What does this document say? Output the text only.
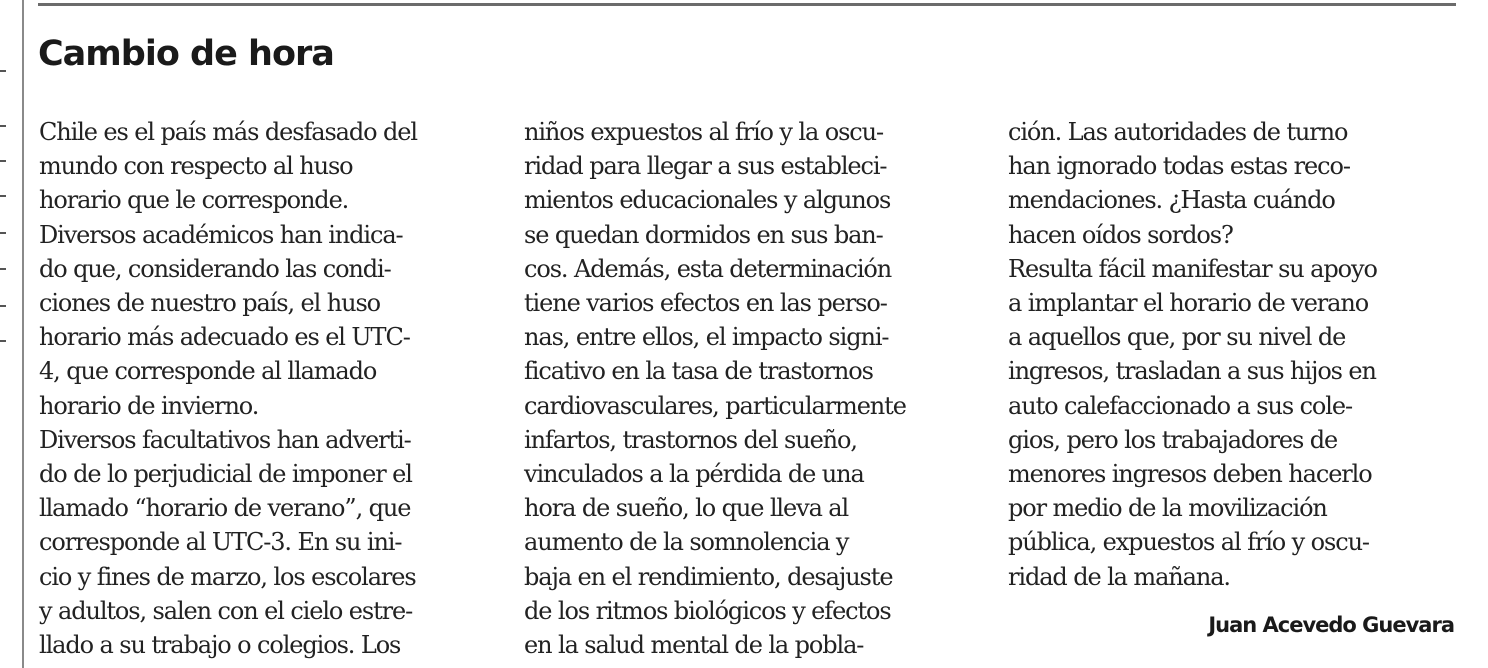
Cambio de hora
Chile es el país más desfasado del
mundo con respecto al huso
horario que le corresponde.
Diversos académicos han indica-
do que, considerando las condi-
ciones de nuestro país, el huso
horario más adecuado es el UTC-
4, que corresponde al llamado
horario de invierno.
Diversos facultativos han adverti-
do de lo perjudicial de imponer el
llamado “horario de verano”, que
corresponde al UTC-3. En su ini-
cio y fines de marzo, los escolares
y adultos, salen con el cielo estre-
llado a su trabajo o colegios. Los
niños expuestos al frío y la oscu-
ridad para llegar a sus estableci-
mientos educacionales y algunos
se quedan dormidos en sus ban-
cos. Además, esta determinación
tiene varios efectos en las perso-
nas, entre ellos, el impacto signi-
ficativo en la tasa de trastornos
cardiovasculares, particularmente
infartos, trastornos del sueño,
vinculados a la pérdida de una
hora de sueño, lo que lleva al
aumento de la somnolencia y
baja en el rendimiento, desajuste
de los ritmos biológicos y efectos
en la salud mental de la pobla-
ción. Las autoridades de turno
han ignorado todas estas reco-
mendaciones. ¿Hasta cuándo
hacen oídos sordos?
Resulta fácil manifestar su apoyo
a implantar el horario de verano
a aquellos que, por su nivel de
ingresos, trasladan a sus hijos en
auto calefaccionado a sus cole-
gios, pero los trabajadores de
menores ingresos deben hacerlo
por medio de la movilización
pública, expuestos al frío y oscu-
ridad de la mañana.
Juan Acevedo Guevara
